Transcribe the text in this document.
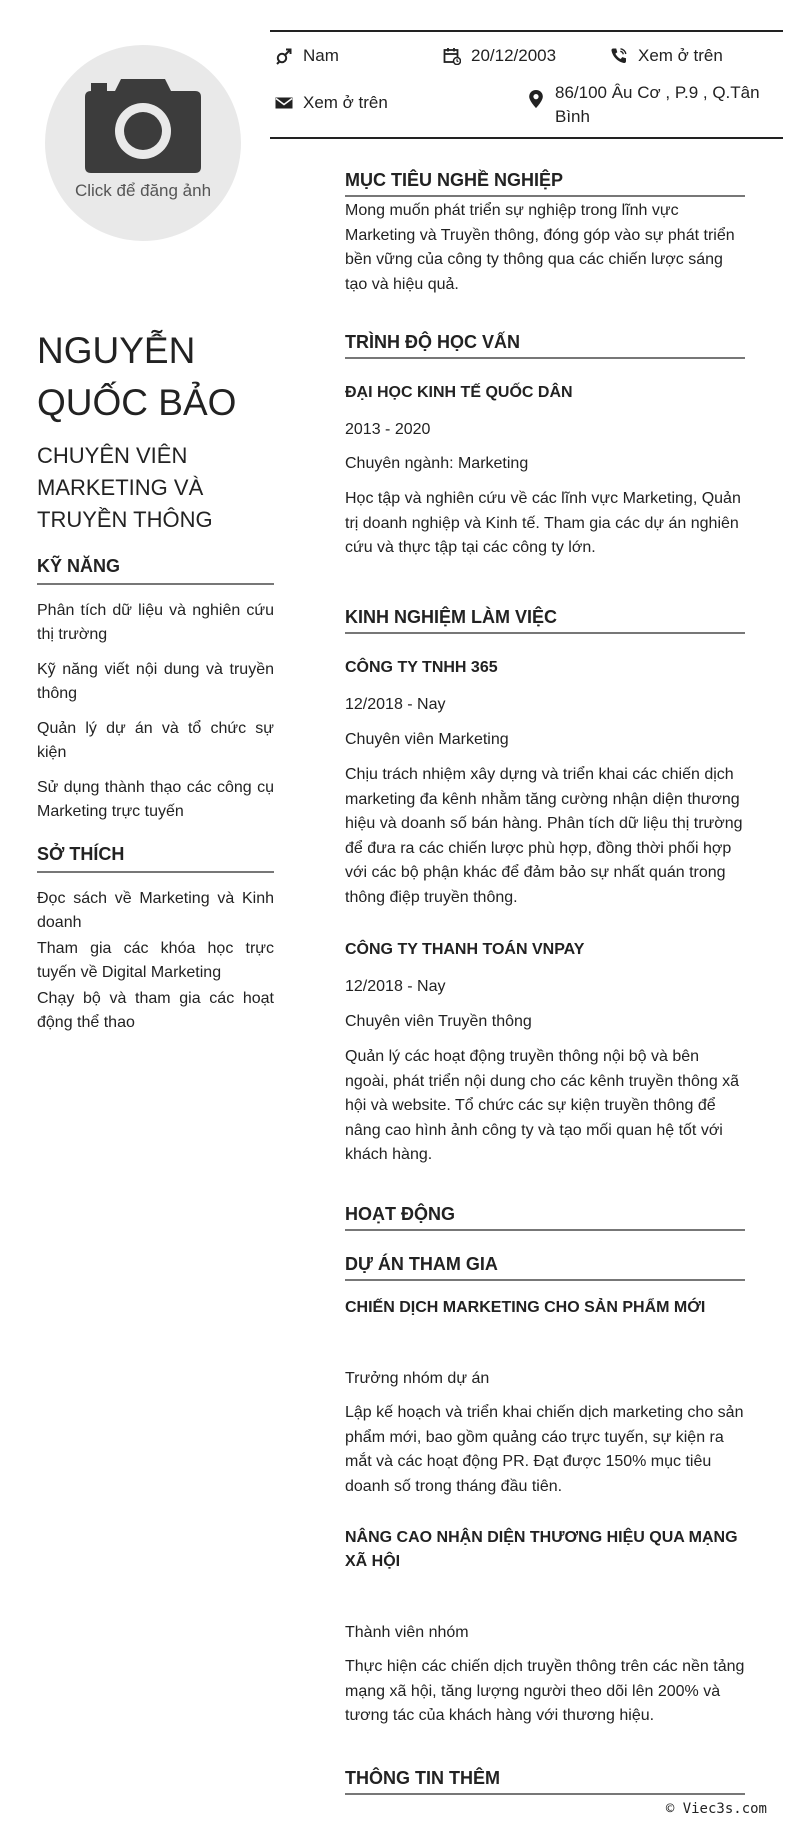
Nam	20/12/2003	Xem ở trên
Xem ở trên
86/100 Âu Cơ , P.9 , Q.Tân Bình
Click để đăng ảnh
NGUYỄN QUỐC BẢO
CHUYÊN VIÊN MARKETING VÀ TRUYỀN THÔNG
KỸ NĂNG
Phân tích dữ liệu và nghiên cứu thị trường
Kỹ năng viết nội dung và truyền thông
Quản lý dự án và tổ chức sự kiện
Sử dụng thành thạo các công cụ Marketing trực tuyến
SỞ THÍCH
Đọc sách về Marketing và Kinh doanh
Tham gia các khóa học trực tuyến về Digital Marketing
Chạy bộ và tham gia các hoạt động thể thao
MỤC TIÊU NGHỀ NGHIỆP
Mong muốn phát triển sự nghiệp trong lĩnh vực Marketing và Truyền thông, đóng góp vào sự phát triển bền vững của công ty thông qua các chiến lược sáng tạo và hiệu quả.
TRÌNH ĐỘ HỌC VẤN
ĐẠI HỌC KINH TẾ QUỐC DÂN
2013 - 2020
Chuyên ngành: Marketing
Học tập và nghiên cứu về các lĩnh vực Marketing, Quản trị doanh nghiệp và Kinh tế. Tham gia các dự án nghiên cứu và thực tập tại các công ty lớn.
KINH NGHIỆM LÀM VIỆC
CÔNG TY TNHH 365
12/2018 - Nay
Chuyên viên Marketing
Chịu trách nhiệm xây dựng và triển khai các chiến dịch marketing đa kênh nhằm tăng cường nhận diện thương hiệu và doanh số bán hàng. Phân tích dữ liệu thị trường để đưa ra các chiến lược phù hợp, đồng thời phối hợp với các bộ phận khác để đảm bảo sự nhất quán trong thông điệp truyền thông.
CÔNG TY THANH TOÁN VNPAY
12/2018 - Nay
Chuyên viên Truyền thông
Quản lý các hoạt động truyền thông nội bộ và bên ngoài, phát triển nội dung cho các kênh truyền thông xã hội và website. Tổ chức các sự kiện truyền thông để nâng cao hình ảnh công ty và tạo mối quan hệ tốt với khách hàng.
HOẠT ĐỘNG
DỰ ÁN THAM GIA
CHIẾN DỊCH MARKETING CHO SẢN PHẨM MỚI
Trưởng nhóm dự án
Lập kế hoạch và triển khai chiến dịch marketing cho sản phẩm mới, bao gồm quảng cáo trực tuyến, sự kiện ra mắt và các hoạt động PR. Đạt được 150% mục tiêu doanh số trong tháng đầu tiên.
NÂNG CAO NHẬN DIỆN THƯƠNG HIỆU QUA MẠNG XÃ HỘI
Thành viên nhóm
Thực hiện các chiến dịch truyền thông trên các nền tảng mạng xã hội, tăng lượng người theo dõi lên 200% và tương tác của khách hàng với thương hiệu.
THÔNG TIN THÊM
© Viec3s.com
